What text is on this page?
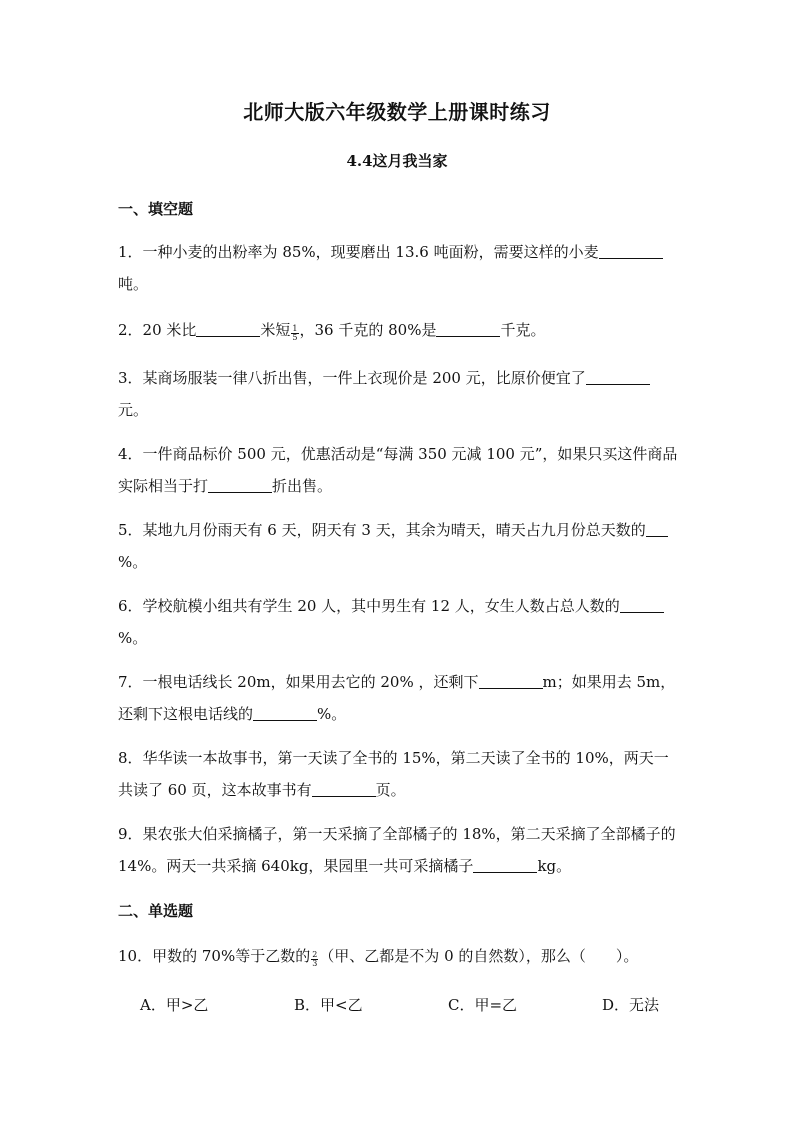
北师大版六年级数学上册课时练习
4.4这月我当家
一、填空题
1．一种小麦的出粉率为 85%，现要磨出 13.6 吨面粉，需要这样的小麦吨。
2．20 米比	米短 $\frac{1}{5}$ ，36 千克的 80%是	千克。
3．某商场服装一律八折出售，一件上衣现价是 200 元，比原价便宜了元。
4．一件商品标价 500 元，优惠活动是“每满 350 元减 100 元”，如果只买这件商品实际相当于打	折出售。
5．某地九月份雨天有 6 天，阴天有 3 天，其余为晴天，晴天占九月份总天数的%。
6．学校航模小组共有学生 20 人，其中男生有 12 人，女生人数占总人数的%。
7．一根电话线长 20m，如果用去它的 20% ，还剩下	m；如果用去 5m，还剩下这根电话线的	%。
8．华华读一本故事书，第一天读了全书的 15%，第二天读了全书的 10%，两天一共读了 60 页，这本故事书有	页。
9．果农张大伯采摘橘子，第一天采摘了全部橘子的 18%，第二天采摘了全部橘子的 14%。两天一共采摘 640kg，果园里一共可采摘橘子	kg。
二、单选题
10．甲数的 70%等于乙数的 $\frac{2}{3}$ （甲、乙都是不为 0 的自然数），那么（　　）。
A．甲>乙	B．甲<乙	C．甲=乙	D．无法
